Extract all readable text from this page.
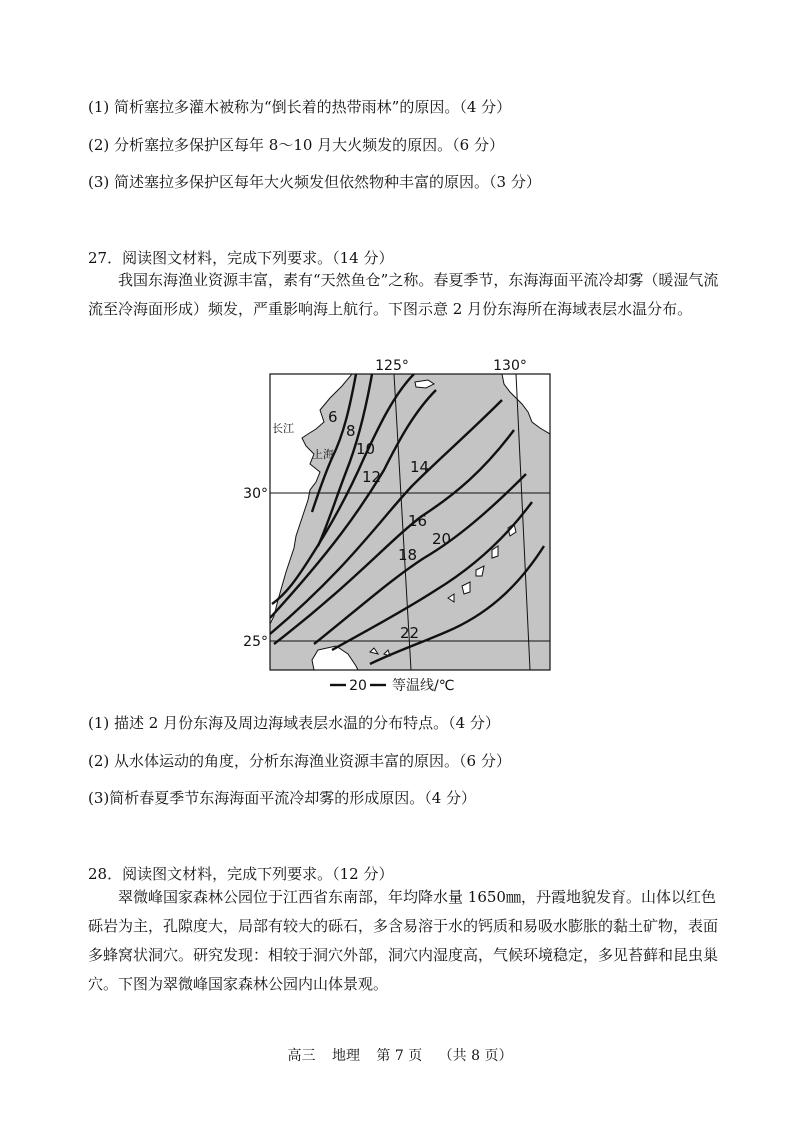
(1) 简析塞拉多灌木被称为“倒长着的热带雨林”的原因。（4 分）
(2) 分析塞拉多保护区每年 8～10 月大火频发的原因。（6 分）
(3) 简述塞拉多保护区每年大火频发但依然物种丰富的原因。（3 分）
27．阅读图文材料，完成下列要求。（14 分）
我国东海渔业资源丰富，素有“天然鱼仓”之称。春夏季节，东海海面平流冷却雾（暖湿气流流至冷海面形成）频发，严重影响海上航行。下图示意 2 月份东海所在海域表层水温分布。
6
8
10
12
14
16
18
20
22
长江
上海
125°	130°
30°
25°
20 等温线/℃
(1) 描述 2 月份东海及周边海域表层水温的分布特点。（4 分）
(2) 从水体运动的角度，分析东海渔业资源丰富的原因。（6 分）
(3)简析春夏季节东海海面平流冷却雾的形成原因。（4 分）
28．阅读图文材料，完成下列要求。（12 分）
翠微峰国家森林公园位于江西省东南部，年均降水量 1650㎜，丹霞地貌发育。山体以红色砾岩为主，孔隙度大，局部有较大的砾石，多含易溶于水的钙质和易吸水膨胀的黏土矿物，表面多蜂窝状洞穴。研究发现：相较于洞穴外部，洞穴内湿度高，气候环境稳定，多见苔藓和昆虫巢穴。下图为翠微峰国家森林公园内山体景观。
高三 地理 第 7 页 （共 8 页）
